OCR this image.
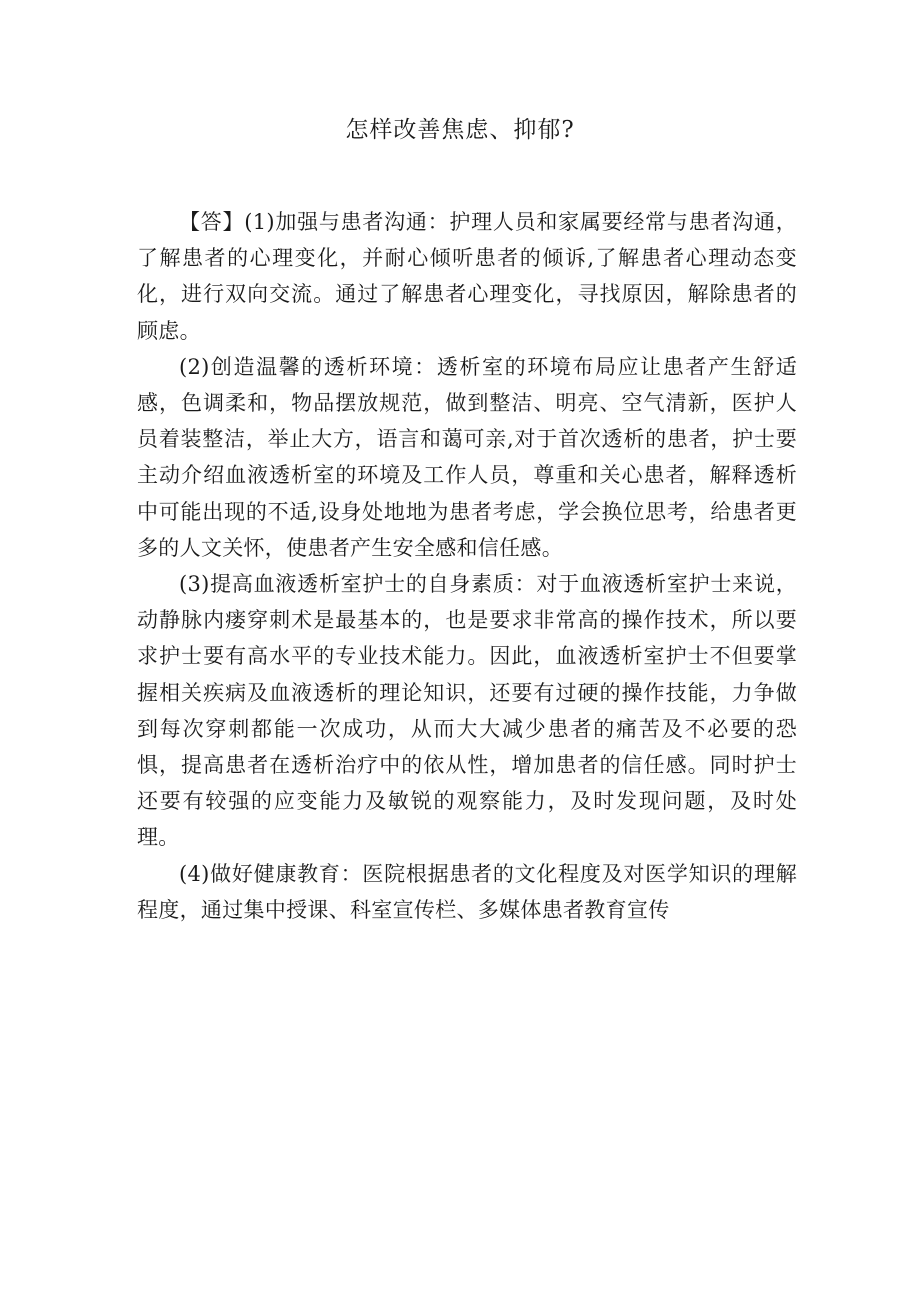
怎样改善焦虑、抑郁?

【答】(1)加强与患者沟通：护理人员和家属要经常与患者沟通，了解患者的心理变化，并耐心倾听患者的倾诉,了解患者心理动态变化，进行双向交流。通过了解患者心理变化，寻找原因，解除患者的顾虑。

(2)创造温馨的透析环境：透析室的环境布局应让患者产生舒适感，色调柔和，物品摆放规范，做到整洁、明亮、空气清新，医护人员着装整洁，举止大方，语言和蔼可亲,对于首次透析的患者，护士要主动介绍血液透析室的环境及工作人员，尊重和关心患者，解释透析中可能出现的不适,设身处地地为患者考虑，学会换位思考，给患者更多的人文关怀，使患者产生安全感和信任感。

(3)提高血液透析室护士的自身素质：对于血液透析室护士来说，动静脉内瘘穿刺术是最基本的，也是要求非常高的操作技术，所以要求护士要有高水平的专业技术能力。因此，血液透析室护士不但要掌握相关疾病及血液透析的理论知识，还要有过硬的操作技能，力争做到每次穿刺都能一次成功，从而大大减少患者的痛苦及不必要的恐惧，提高患者在透析治疗中的依从性，增加患者的信任感。同时护士还要有较强的应变能力及敏锐的观察能力，及时发现问题，及时处理。

(4)做好健康教育：医院根据患者的文化程度及对医学知识的理解程度，通过集中授课、科室宣传栏、多媒体患者教育宣传
